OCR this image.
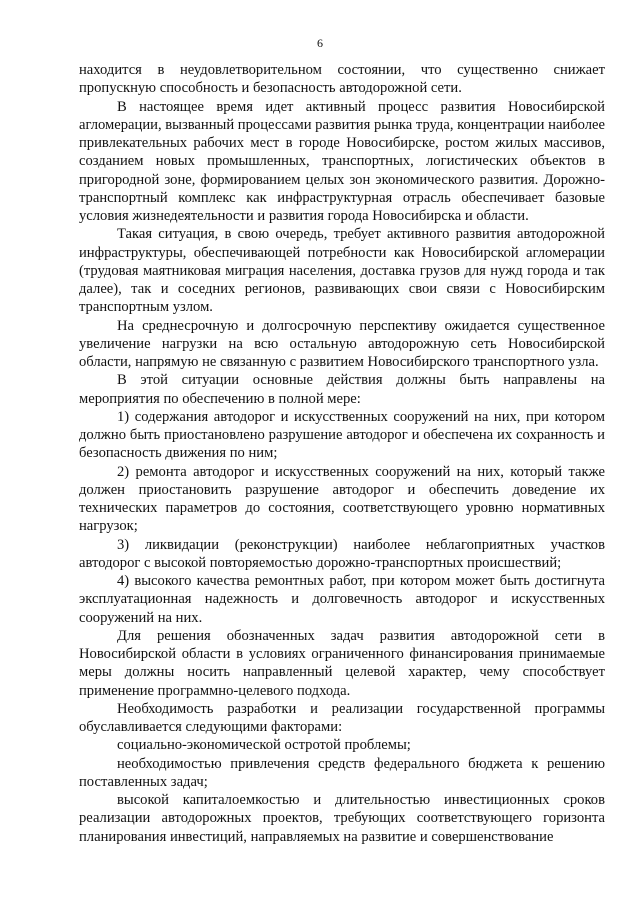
6

находится в неудовлетворительном состоянии, что существенно снижает пропускную способность и безопасность автодорожной сети.

В настоящее время идет активный процесс развития Новосибирской агломерации, вызванный процессами развития рынка труда, концентрации наиболее привлекательных рабочих мест в городе Новосибирске, ростом жилых массивов, созданием новых промышленных, транспортных, логистических объектов в пригородной зоне, формированием целых зон экономического развития. Дорожно-транспортный комплекс как инфраструктурная отрасль обеспечивает базовые условия жизнедеятельности и развития города Новосибирска и области.

Такая ситуация, в свою очередь, требует активного развития автодорожной инфраструктуры, обеспечивающей потребности как Новосибирской агломерации (трудовая маятниковая миграция населения, доставка грузов для нужд города и так далее), так и соседних регионов, развивающих свои связи с Новосибирским транспортным узлом.

На среднесрочную и долгосрочную перспективу ожидается существенное увеличение нагрузки на всю остальную автодорожную сеть Новосибирской области, напрямую не связанную с развитием Новосибирского транспортного узла.

В этой ситуации основные действия должны быть направлены на мероприятия по обеспечению в полной мере:

1) содержания автодорог и искусственных сооружений на них, при котором должно быть приостановлено разрушение автодорог и обеспечена их сохранность и безопасность движения по ним;

2) ремонта автодорог и искусственных сооружений на них, который также должен приостановить разрушение автодорог и обеспечить доведение их технических параметров до состояния, соответствующего уровню нормативных нагрузок;

3) ликвидации (реконструкции) наиболее неблагоприятных участков автодорог с высокой повторяемостью дорожно-транспортных происшествий;

4) высокого качества ремонтных работ, при котором может быть достигнута эксплуатационная надежность и долговечность автодорог и искусственных сооружений на них.

Для решения обозначенных задач развития автодорожной сети в Новосибирской области в условиях ограниченного финансирования принимаемые меры должны носить направленный целевой характер, чему способствует применение программно-целевого подхода.

Необходимость разработки и реализации государственной программы обуславливается следующими факторами:

социально-экономической остротой проблемы;

необходимостью привлечения средств федерального бюджета к решению поставленных задач;

высокой капиталоемкостью и длительностью инвестиционных сроков реализации автодорожных проектов, требующих соответствующего горизонта планирования инвестиций, направляемых на развитие и совершенствование
